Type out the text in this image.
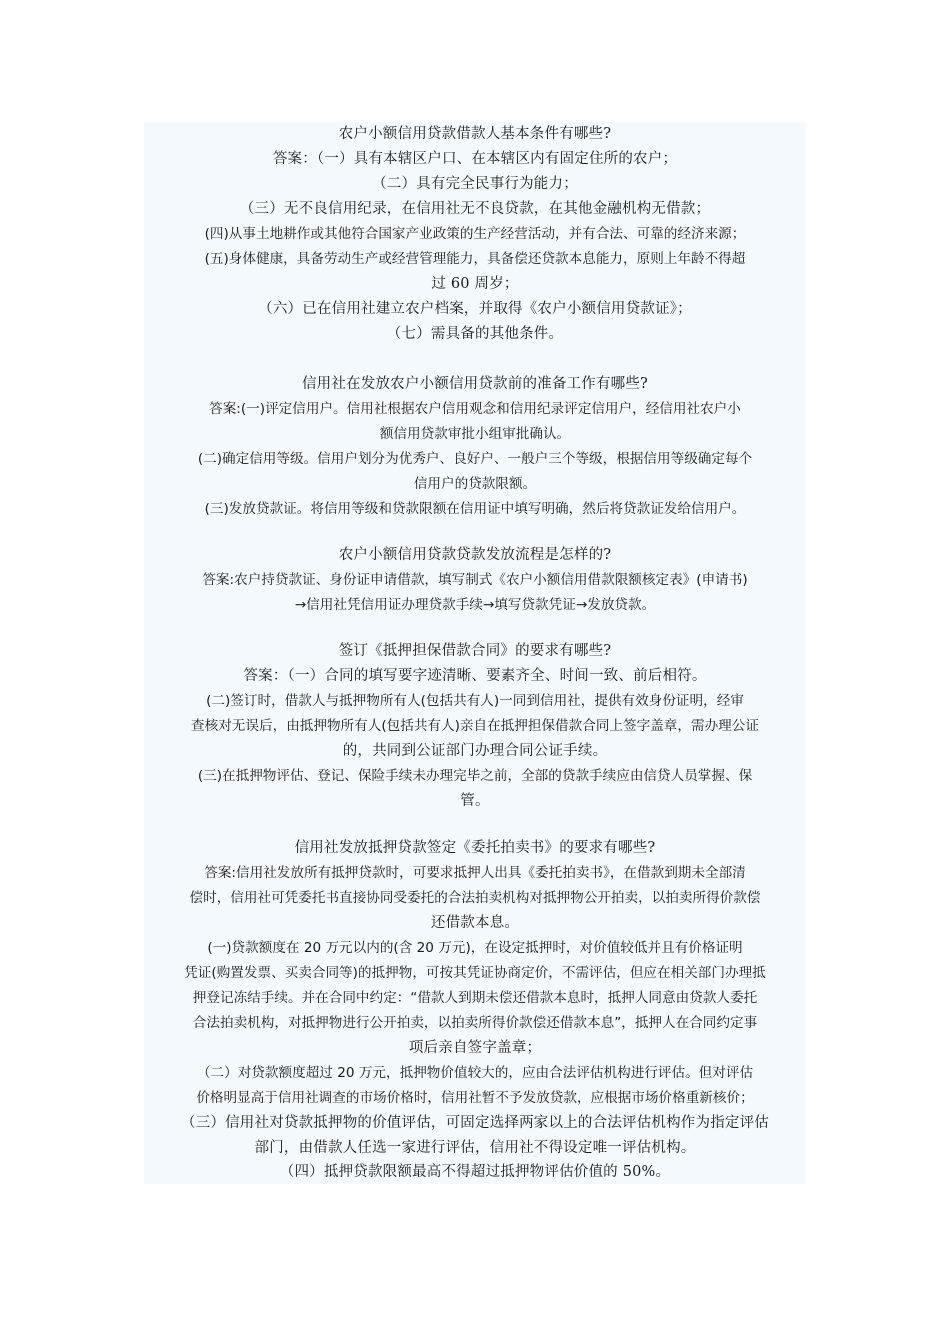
农户小额信用贷款借款人基本条件有哪些?
答案：（一）具有本辖区户口、在本辖区内有固定住所的农户；
（二）具有完全民事行为能力；
（三）无不良信用纪录，在信用社无不良贷款，在其他金融机构无借款；
(四)从事土地耕作或其他符合国家产业政策的生产经营活动，并有合法、可靠的经济来源；
(五)身体健康，具备劳动生产或经营管理能力，具备偿还贷款本息能力，原则上年龄不得超
过 60 周岁；
（六）已在信用社建立农户档案，并取得《农户小额信用贷款证》；
（七）需具备的其他条件。
信用社在发放农户小额信用贷款前的准备工作有哪些?
答案:(一)评定信用户。信用社根据农户信用观念和信用纪录评定信用户，经信用社农户小
额信用贷款审批小组审批确认。
(二)确定信用等级。信用户划分为优秀户、良好户、一般户三个等级，根据信用等级确定每个
信用户的贷款限额。
(三)发放贷款证。将信用等级和贷款限额在信用证中填写明确，然后将贷款证发给信用户。
农户小额信用贷款贷款发放流程是怎样的?
答案:农户持贷款证、身份证申请借款，填写制式《农户小额信用借款限额核定表》(申请书)
→信用社凭信用证办理贷款手续→填写贷款凭证→发放贷款。
签订《抵押担保借款合同》的要求有哪些?
答案：（一）合同的填写要字迹清晰、要素齐全、时间一致、前后相符。
(二)签订时，借款人与抵押物所有人(包括共有人)一同到信用社，提供有效身份证明，经审
查核对无误后，由抵押物所有人(包括共有人)亲自在抵押担保借款合同上签字盖章，需办理公证
的，共同到公证部门办理合同公证手续。
(三)在抵押物评估、登记、保险手续未办理完毕之前，全部的贷款手续应由信贷人员掌握、保
管。
信用社发放抵押贷款签定《委托拍卖书》的要求有哪些?
答案:信用社发放所有抵押贷款时，可要求抵押人出具《委托拍卖书》，在借款到期未全部清
偿时，信用社可凭委托书直接协同受委托的合法拍卖机构对抵押物公开拍卖，以拍卖所得价款偿
还借款本息。
(一)贷款额度在 20 万元以内的(含 20 万元)，在设定抵押时，对价值较低并且有价格证明
凭证(购置发票、买卖合同等)的抵押物，可按其凭证协商定价，不需评估，但应在相关部门办理抵
押登记冻结手续。并在合同中约定：“借款人到期未偿还借款本息时，抵押人同意由贷款人委托
合法拍卖机构，对抵押物进行公开拍卖，以拍卖所得价款偿还借款本息”，抵押人在合同约定事
项后亲自签字盖章；
（二）对贷款额度超过 20 万元，抵押物价值较大的，应由合法评估机构进行评估。但对评估
价格明显高于信用社调查的市场价格时，信用社暂不予发放贷款，应根据市场价格重新核价；
（三）信用社对贷款抵押物的价值评估，可固定选择两家以上的合法评估机构作为指定评估
部门，由借款人任选一家进行评估，信用社不得设定唯一评估机构。
（四）抵押贷款限额最高不得超过抵押物评估价值的 50%。
